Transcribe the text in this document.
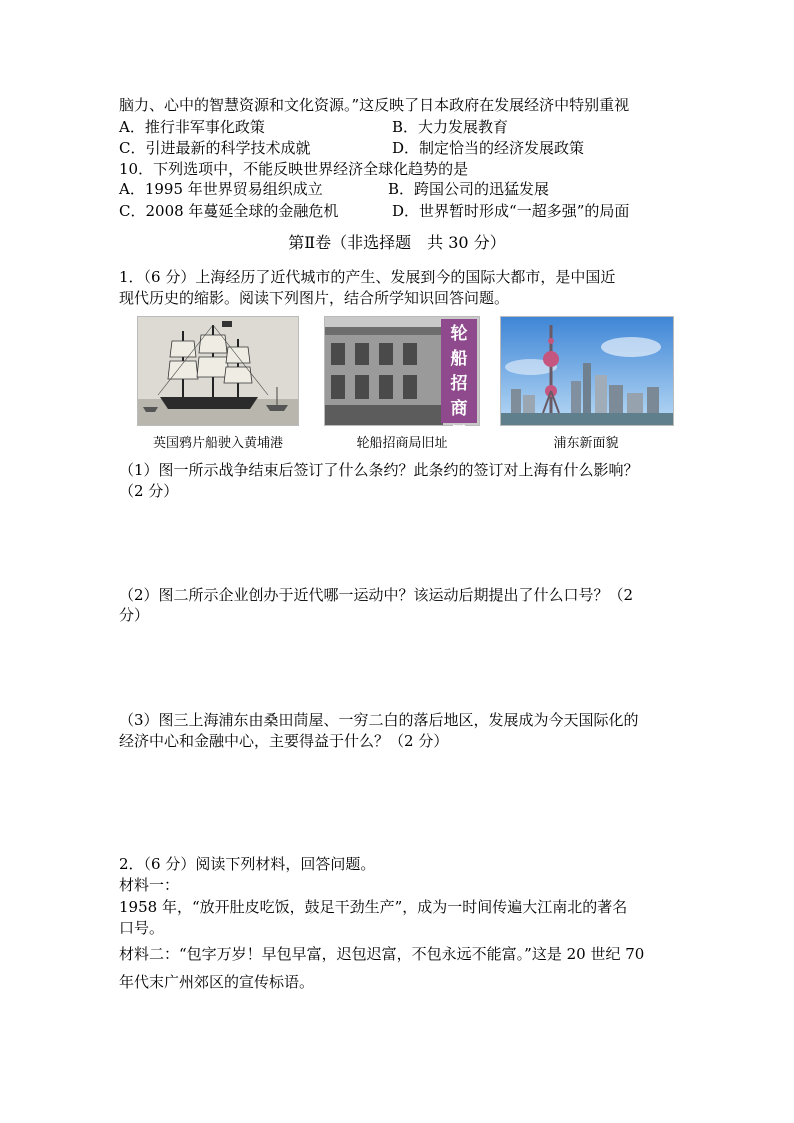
脑力、心中的智慧资源和文化资源。”这反映了日本政府在发展经济中特别重视
A．推行非军事化政策	B．大力发展教育
C．引进最新的科学技术成就	D．制定恰当的经济发展政策
10．下列选项中，不能反映世界经济全球化趋势的是
A．1995 年世界贸易组织成立	B．跨国公司的迅猛发展
C．2008 年蔓延全球的金融危机	D．世界暂时形成“一超多强”的局面
第Ⅱ卷（非选择题　共 30 分）
1．（6 分）上海经历了近代城市的产生、发展到今的国际大都市，是中国近
现代历史的缩影。阅读下列图片，结合所学知识回答问题。
英国鸦片船驶入黄埔港
轮
船
招
商
局
轮船招商局旧址	浦东新面貌
（1）图一所示战争结束后签订了什么条约？此条约的签订对上海有什么影响？
（2 分）
（2）图二所示企业创办于近代哪一运动中？该运动后期提出了什么口号？（2
分）
（3）图三上海浦东由桑田茼屋、一穷二白的落后地区，发展成为今天国际化的
经济中心和金融中心，主要得益于什么？（2 分）
2．（6 分）阅读下列材料，回答问题。
材料一：
1958 年，“放开肚皮吃饭，鼓足干劲生产”，成为一时间传遍大江南北的著名
口号。
材料二：“包字万岁！早包早富，迟包迟富，不包永远不能富。”这是 20 世纪 70
年代末广州郊区的宣传标语。
